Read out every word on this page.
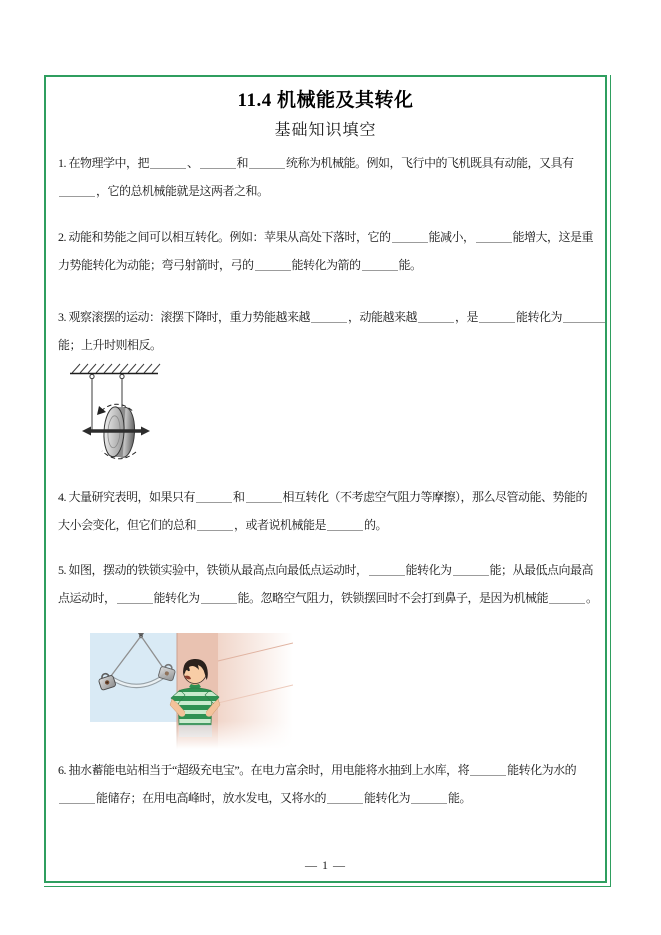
11.4 机械能及其转化
基础知识填空

1. 在物理学中，把	、	和	统称为机械能。例如，飞行中的飞机既具有动能，又具有

，它的总机械能就是这两者之和。

2. 动能和势能之间可以相互转化。例如：苹果从高处下落时，它的	能减小，	能增大，这是重

力势能转化为动能；弯弓射箭时，弓的	能转化为箭的	能。

3. 观察滚摆的运动：滚摆下降时，重力势能越来越	，动能越来越	，是	能转化为

能；上升时则相反。

4. 大量研究表明，如果只有	和	相互转化（不考虑空气阻力等摩擦），那么尽管动能、势能的

大小会变化，但它们的总和	，或者说机械能是	的。

5. 如图，摆动的铁锁实验中，铁锁从最高点向最低点运动时，	能转化为	能；从最低点向最高

点运动时，	能转化为	能。忽略空气阻力，铁锁摆回时不会打到鼻子，是因为机械能	。

6. 抽水蓄能电站相当于“超级充电宝”。在电力富余时，用电能将水抽到上水库，将	能转化为水的

能储存；在用电高峰时，放水发电，又将水的	能转化为	能。

— 1 —
